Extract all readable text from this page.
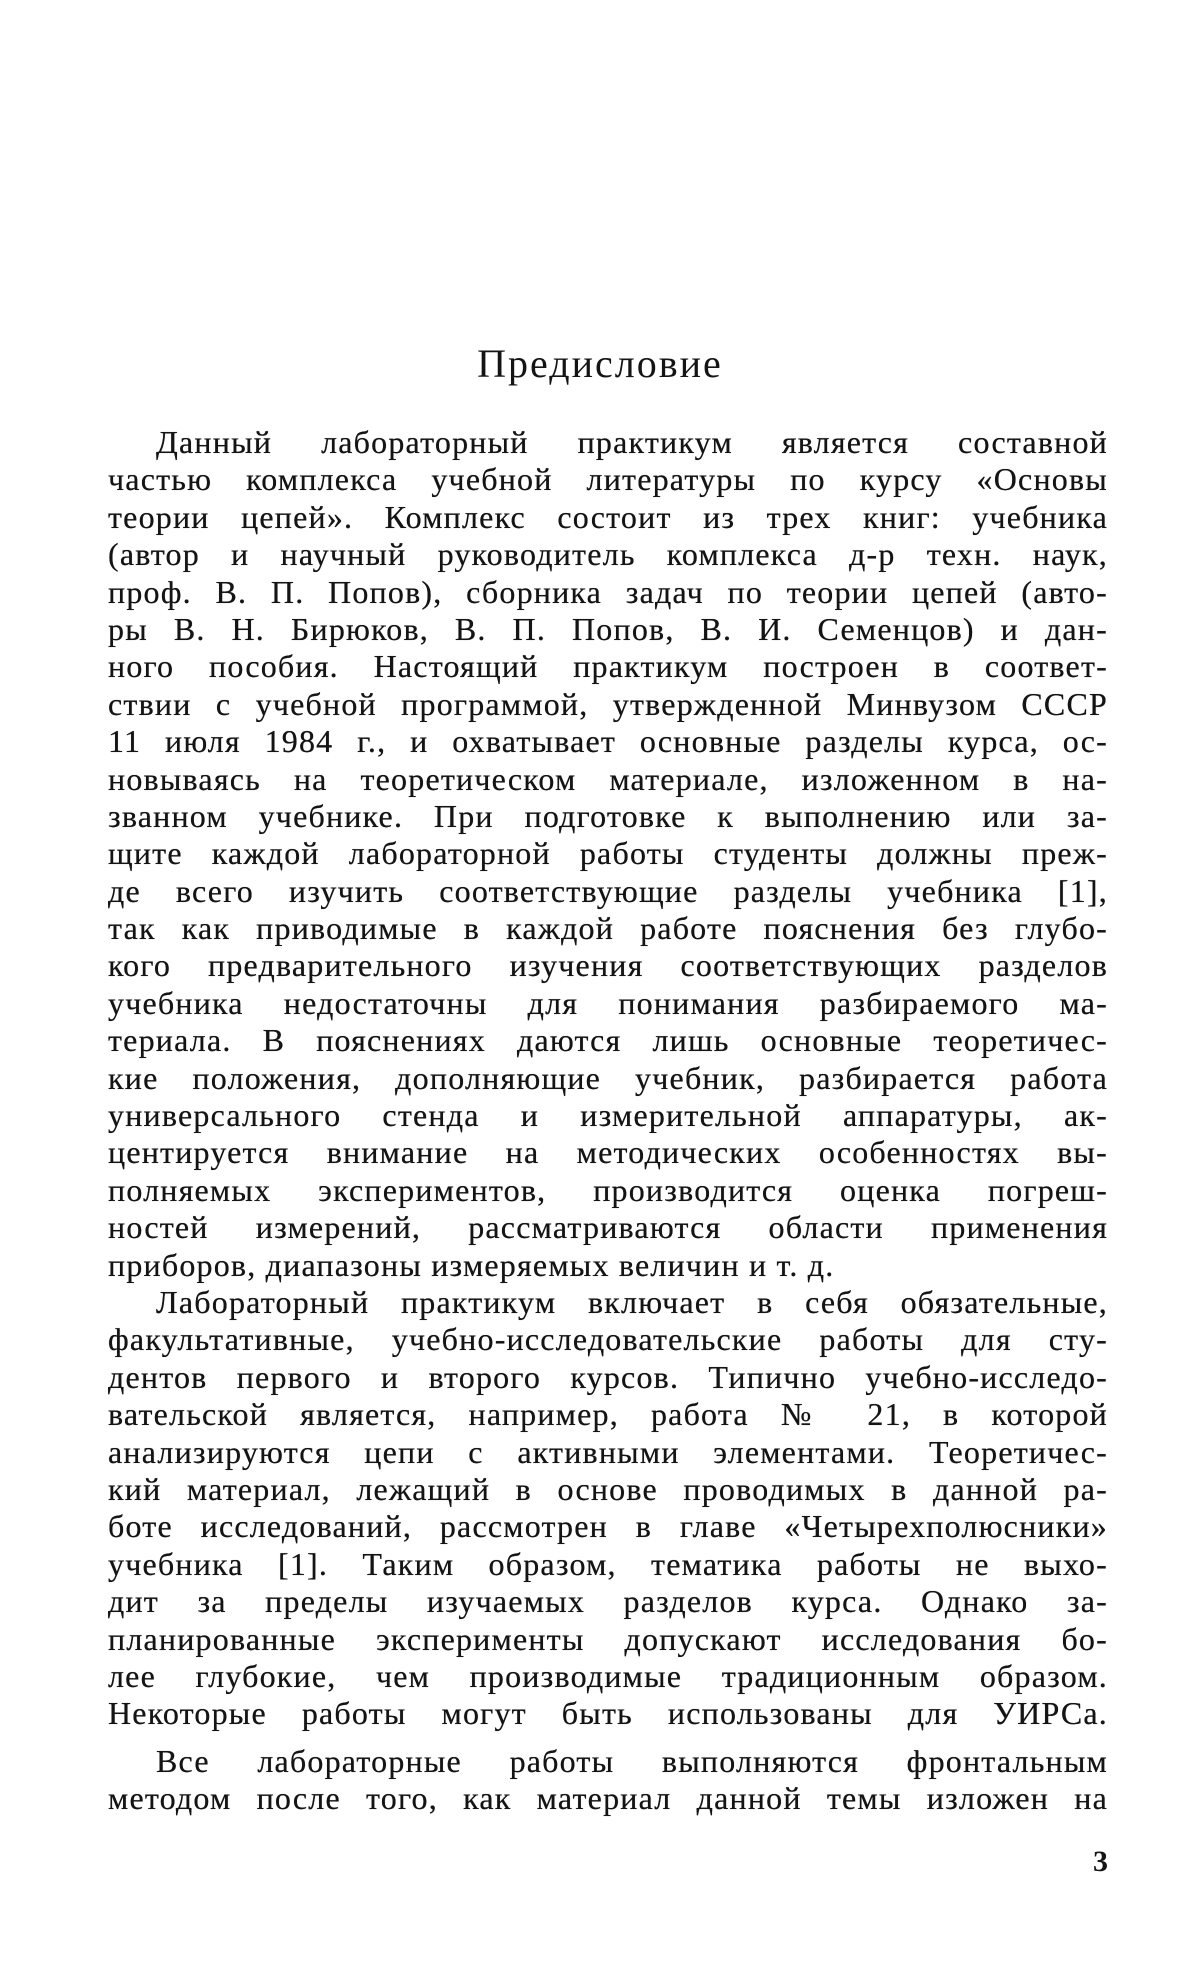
Предисловие
Данный лабораторный практикум является составной
частью комплекса учебной литературы по курсу «Основы
теории цепей». Комплекс состоит из трех книг: учебника
(автор и научный руководитель комплекса д-р техн. наук,
проф. В. П. Попов), сборника задач по теории цепей (авто-
ры В. Н. Бирюков, В. П. Попов, В. И. Семенцов) и дан-
ного пособия. Настоящий практикум построен в соответ-
ствии с учебной программой, утвержденной Минвузом СССР
11 июля 1984 г., и охватывает основные разделы курса, ос-
новываясь на теоретическом материале, изложенном в на-
званном учебнике. При подготовке к выполнению или за-
щите каждой лабораторной работы студенты должны преж-
де всего изучить соответствующие разделы учебника [1],
так как приводимые в каждой работе пояснения без глубо-
кого предварительного изучения соответствующих разделов
учебника недостаточны для понимания разбираемого ма-
териала. В пояснениях даются лишь основные теоретичес-
кие положения, дополняющие учебник, разбирается работа
универсального стенда и измерительной аппаратуры, ак-
центируется внимание на методических особенностях вы-
полняемых экспериментов, производится оценка погреш-
ностей измерений, рассматриваются области применения
приборов, диапазоны измеряемых величин и т. д.
Лабораторный практикум включает в себя обязательные,
факультативные, учебно-исследовательские работы для сту-
дентов первого и второго курсов. Типично учебно-исследо-
вательской является, например, работа № 21, в которой
анализируются цепи с активными элементами. Теоретичес-
кий материал, лежащий в основе проводимых в данной ра-
боте исследований, рассмотрен в главе «Четырехполюсники»
учебника [1]. Таким образом, тематика работы не выхо-
дит за пределы изучаемых разделов курса. Однако за-
планированные эксперименты допускают исследования бо-
лее глубокие, чем производимые традиционным образом.
Некоторые работы могут быть использованы для УИРСа.
Все лабораторные работы выполняются фронтальным
методом после того, как материал данной темы изложен на
3
